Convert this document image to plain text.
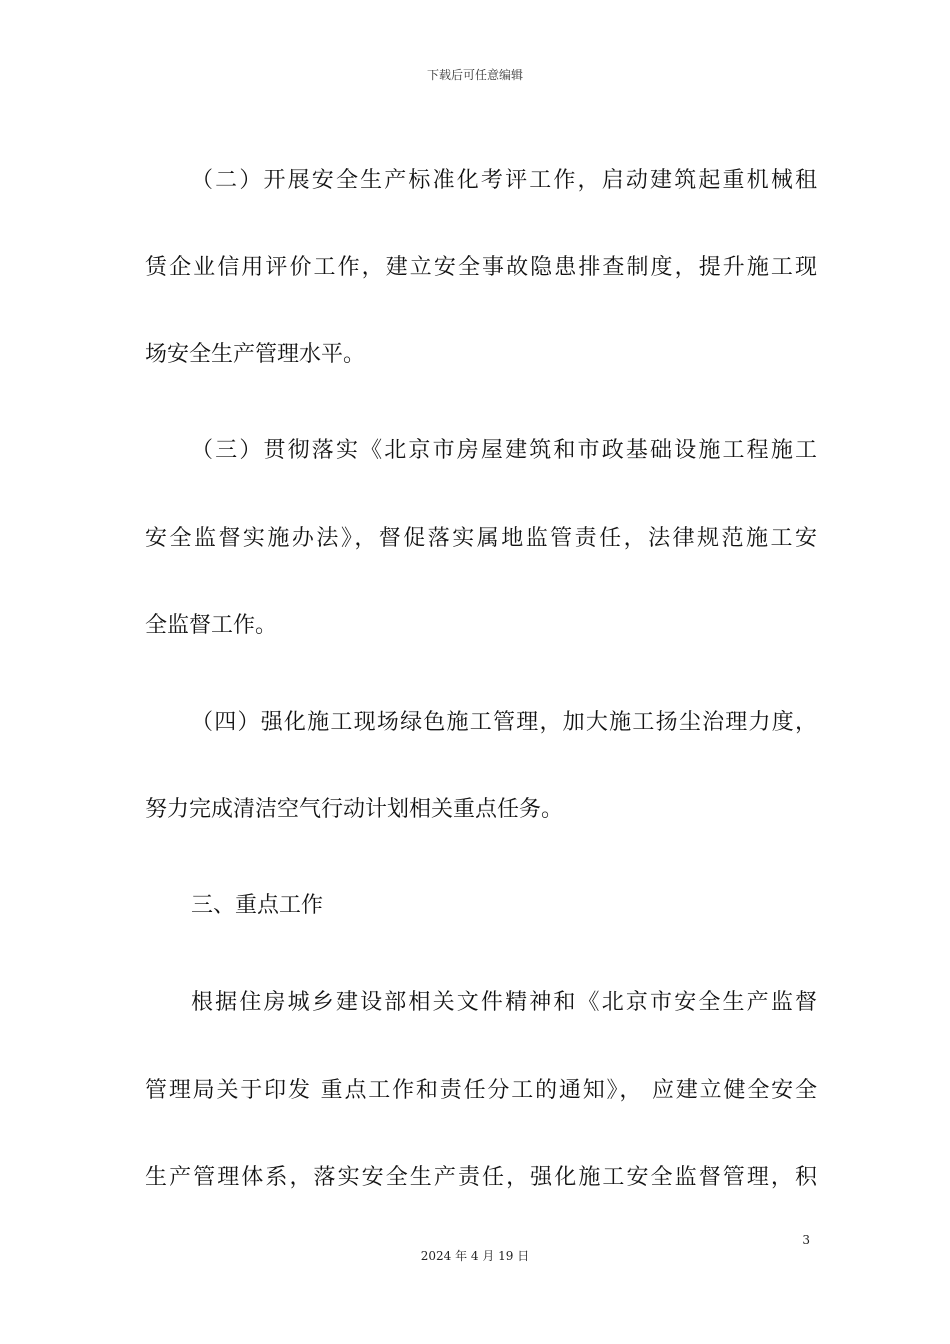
下载后可任意编辑
（二）开展安全生产标准化考评工作，启动建筑起重机械租
赁企业信用评价工作，建立安全事故隐患排查制度，提升施工现
场安全生产管理水平。
（三）贯彻落实《北京市房屋建筑和市政基础设施工程施工
安全监督实施办法》，督促落实属地监管责任，法律规范施工安
全监督工作。
（四）强化施工现场绿色施工管理，加大施工扬尘治理力度，
努力完成清洁空气行动计划相关重点任务。
三、重点工作
根据住房城乡建设部相关文件精神和《北京市安全生产监督
管理局关于印发 重点工作和责任分工的通知》， 应建立健全安全
生产管理体系，落实安全生产责任，强化施工安全监督管理，积
3
2024 年 4 月 19 日
